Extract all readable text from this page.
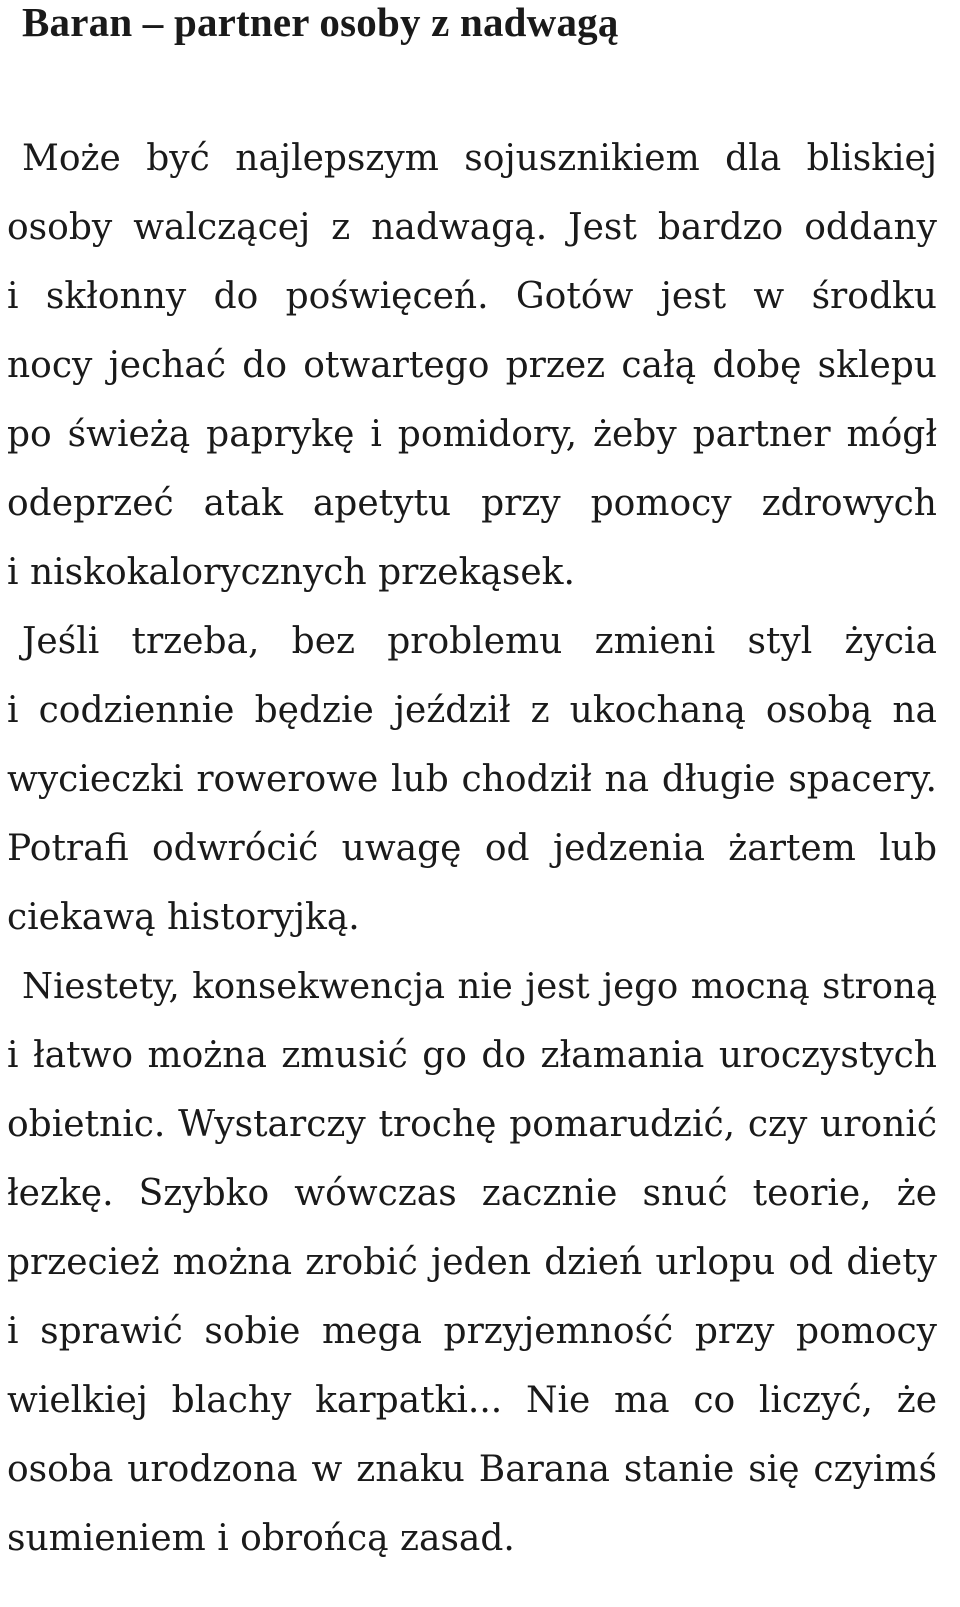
Baran – partner osoby z nadwagą
Może być najlepszym sojusznikiem dla bliskiej
osoby walczącej z nadwagą. Jest bardzo oddany
i skłonny do poświęceń. Gotów jest w środku
nocy jechać do otwartego przez całą dobę sklepu
po świeżą paprykę i pomidory, żeby partner mógł
odeprzeć atak apetytu przy pomocy zdrowych
i niskokalorycznych przekąsek.
Jeśli trzeba, bez problemu zmieni styl życia
i codziennie będzie jeździł z ukochaną osobą na
wycieczki rowerowe lub chodził na długie spacery.
Potrafi odwrócić uwagę od jedzenia żartem lub
ciekawą historyjką.
Niestety, konsekwencja nie jest jego mocną stroną
i łatwo można zmusić go do złamania uroczystych
obietnic. Wystarczy trochę pomarudzić, czy uronić
łezkę. Szybko wówczas zacznie snuć teorie, że
przecież można zrobić jeden dzień urlopu od diety
i sprawić sobie mega przyjemność przy pomocy
wielkiej blachy karpatki... Nie ma co liczyć, że
osoba urodzona w znaku Barana stanie się czyimś
sumieniem i obrońcą zasad.
